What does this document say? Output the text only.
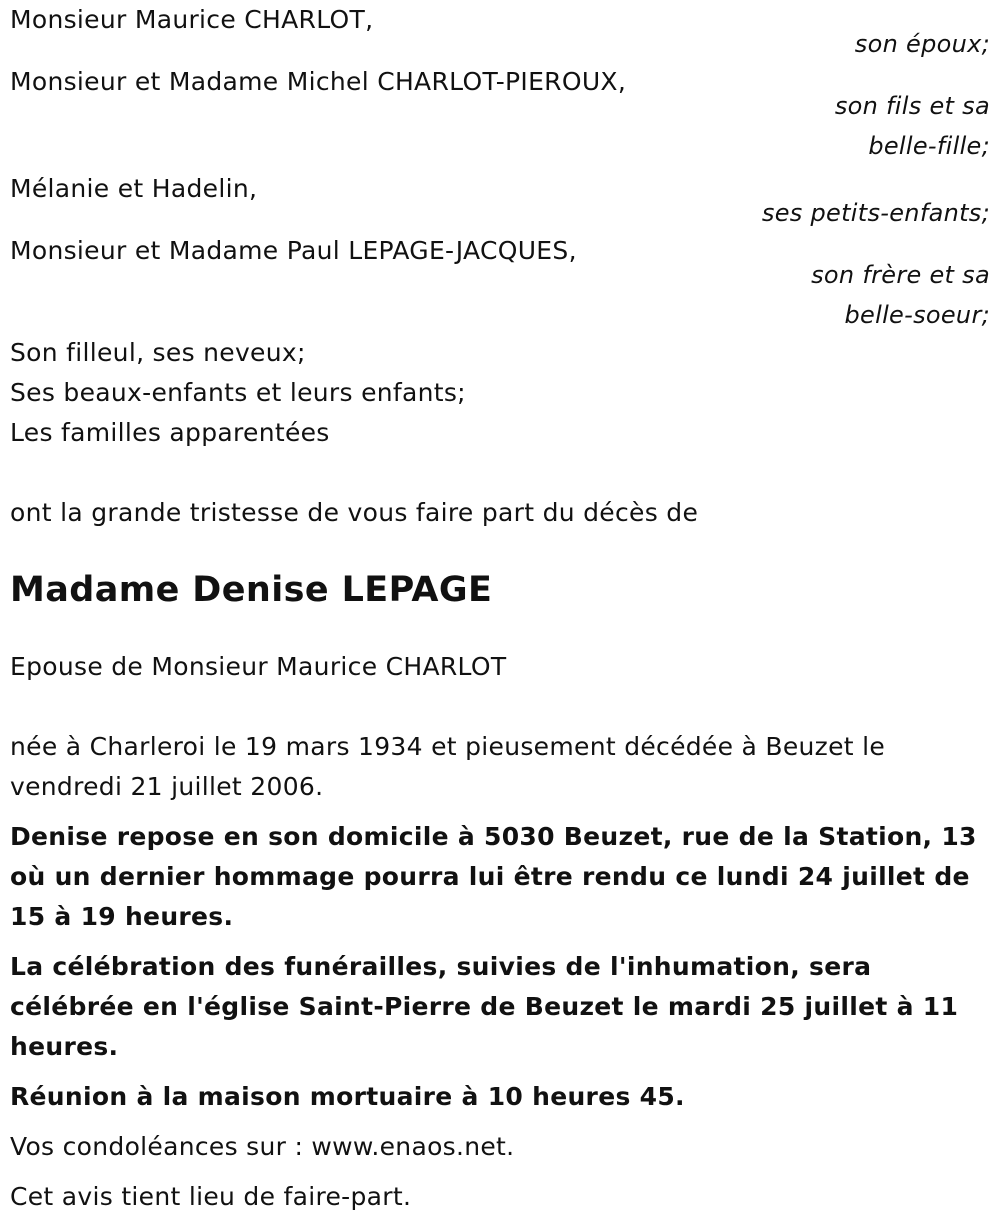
Monsieur Maurice CHARLOT,
son époux;
Monsieur et Madame Michel CHARLOT-PIEROUX,
son fils et sa belle-fille;
Mélanie et Hadelin,
ses petits-enfants;
Monsieur et Madame Paul LEPAGE-JACQUES,
son frère et sa belle-soeur;

Son filleul, ses neveux;

Ses beaux-enfants et leurs enfants;

Les familles apparentées

ont la grande tristesse de vous faire part du décès de

Madame Denise LEPAGE

Epouse de Monsieur Maurice CHARLOT

née à Charleroi le 19 mars 1934 et pieusement décédée à Beuzet le vendredi 21 juillet 2006.

Denise repose en son domicile à 5030 Beuzet, rue de la Station, 13 où un dernier hommage pourra lui être rendu ce lundi 24 juillet de 15 à 19 heures.

La célébration des funérailles, suivies de l'inhumation, sera célébrée en l'église Saint-Pierre de Beuzet le mardi 25 juillet à 11 heures.

Réunion à la maison mortuaire à 10 heures 45.

Vos condoléances sur : www.enaos.net.

Cet avis tient lieu de faire-part.
